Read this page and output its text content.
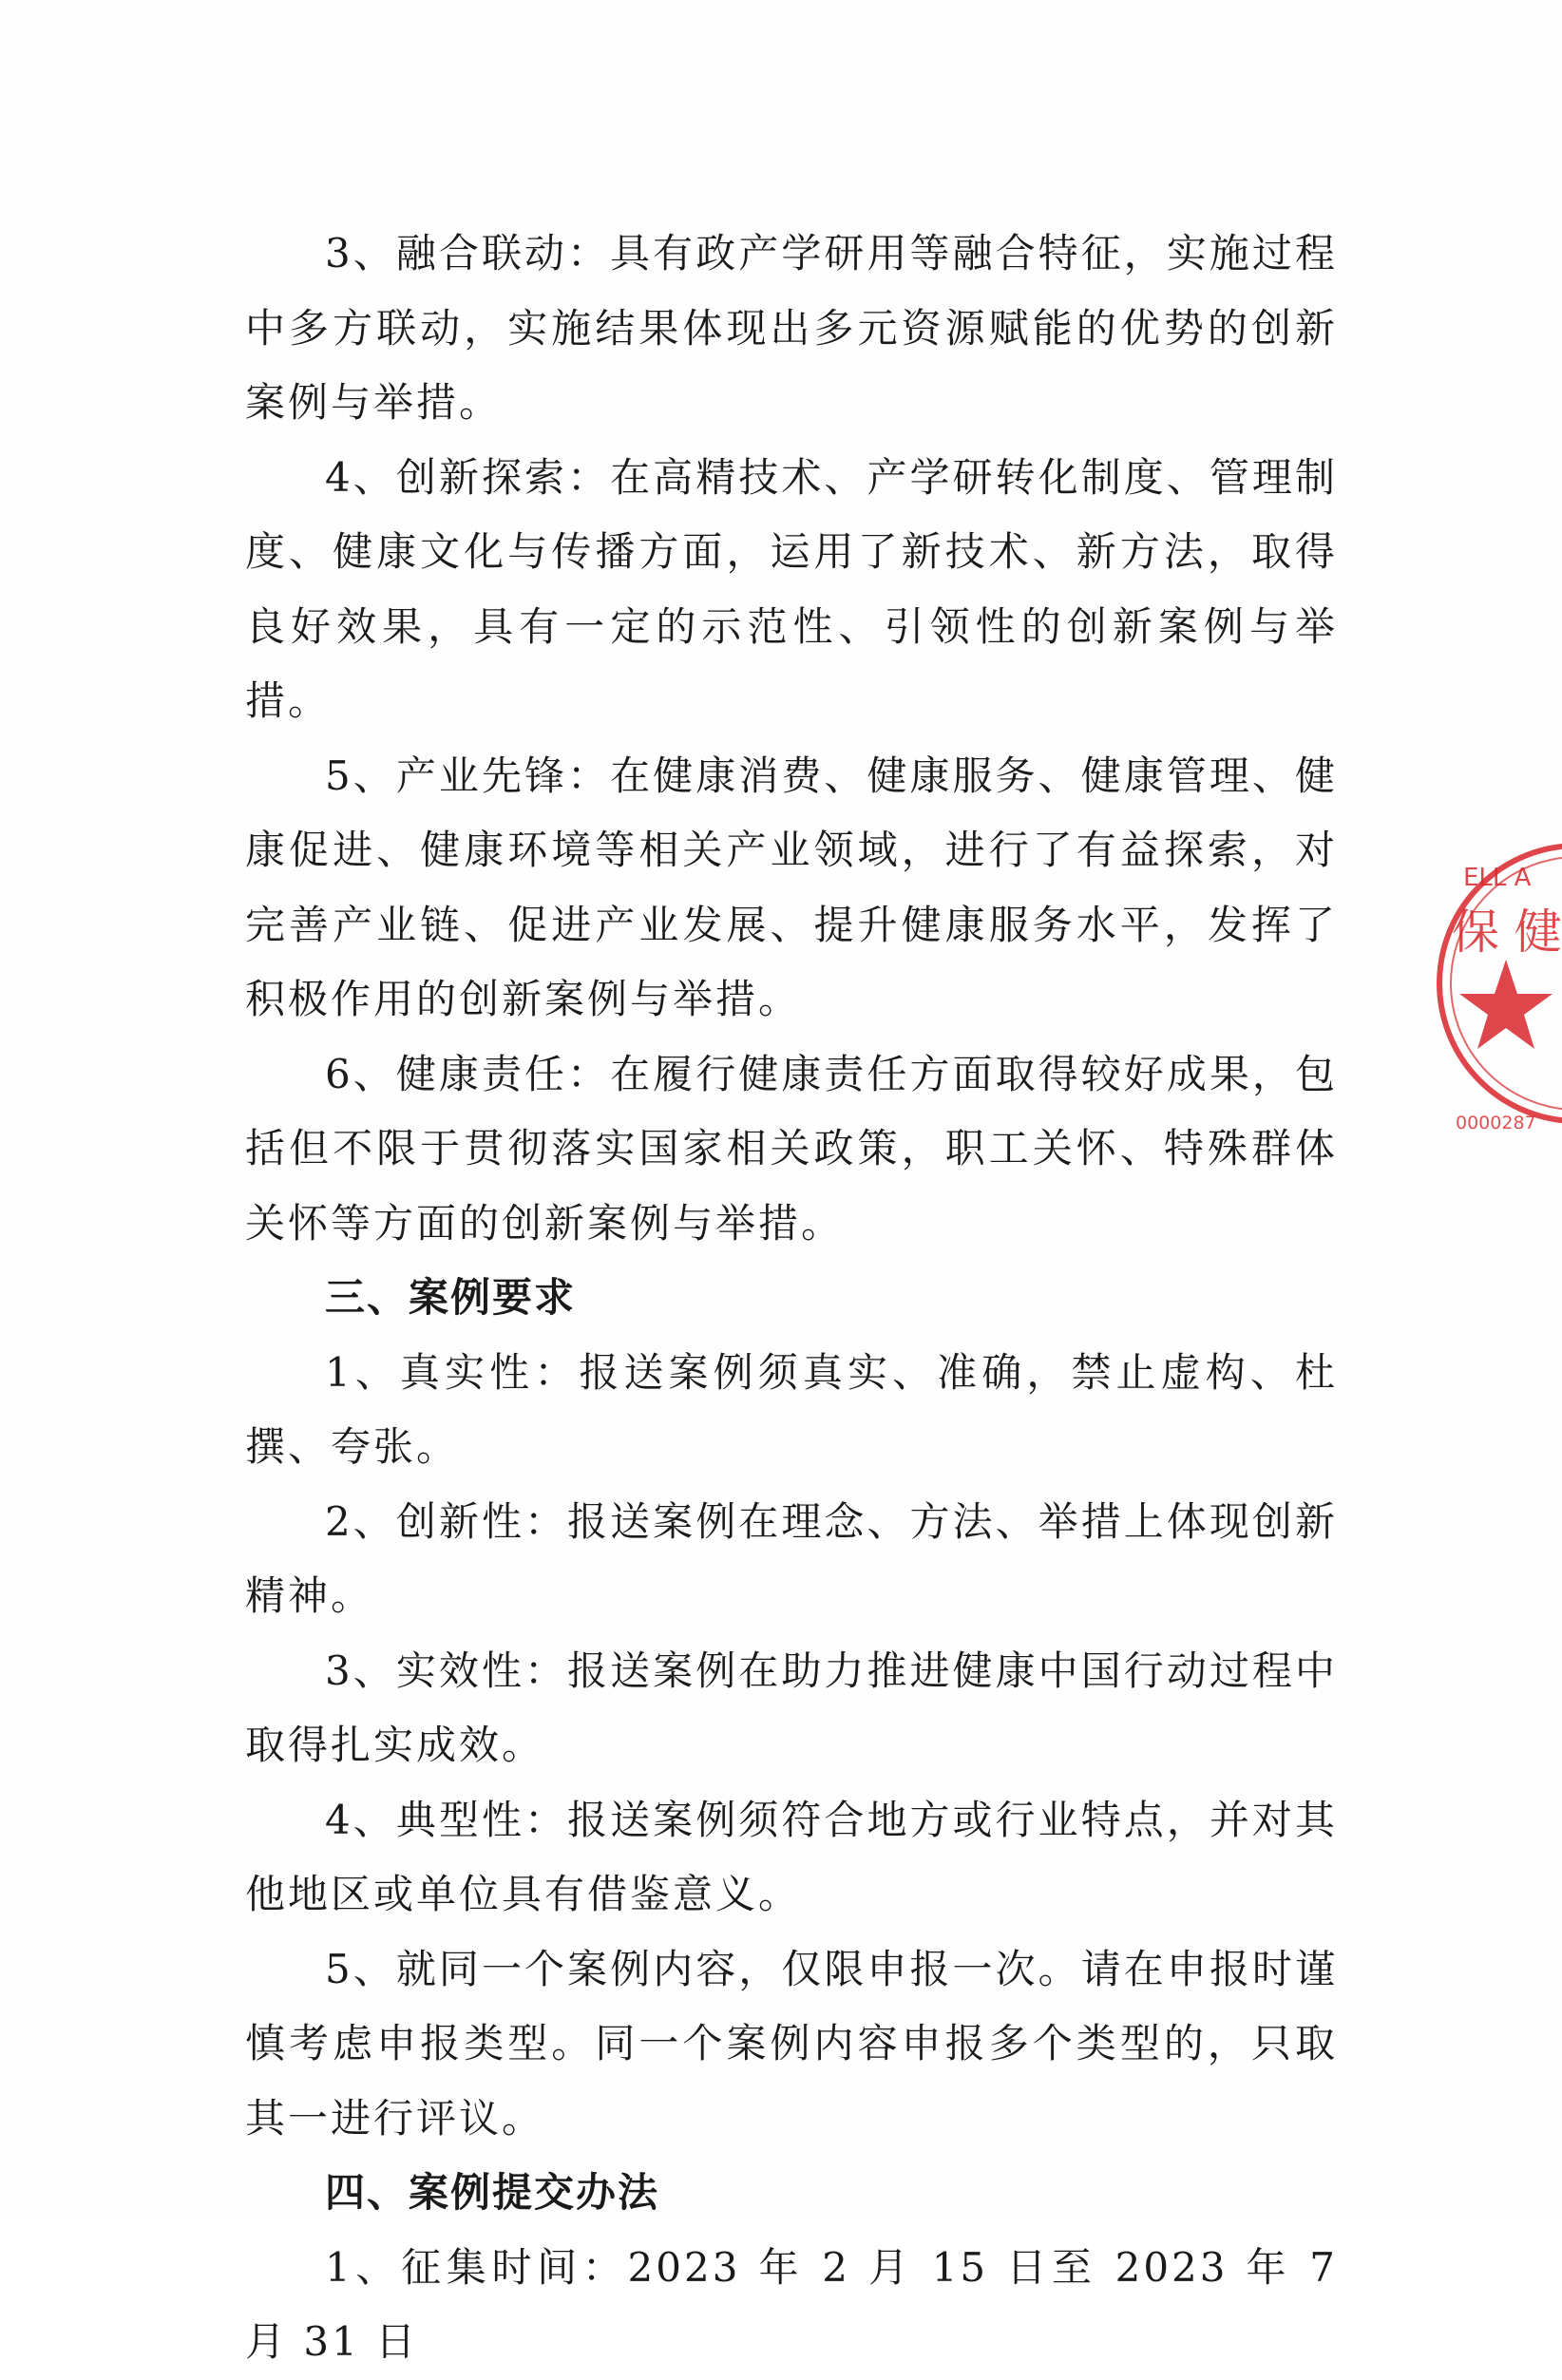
3、融合联动：具有政产学研用等融合特征，实施过程中多方联动，实施结果体现出多元资源赋能的优势的创新案例与举措。

4、创新探索：在高精技术、产学研转化制度、管理制度、健康文化与传播方面，运用了新技术、新方法，取得良好效果，具有一定的示范性、引领性的创新案例与举措。

5、产业先锋：在健康消费、健康服务、健康管理、健康促进、健康环境等相关产业领域，进行了有益探索，对完善产业链、促进产业发展、提升健康服务水平，发挥了积极作用的创新案例与举措。

6、健康责任：在履行健康责任方面取得较好成果，包括但不限于贯彻落实国家相关政策，职工关怀、特殊群体关怀等方面的创新案例与举措。

三、案例要求

1、真实性：报送案例须真实、准确，禁止虚构、杜撰、夸张。

2、创新性：报送案例在理念、方法、举措上体现创新精神。

3、实效性：报送案例在助力推进健康中国行动过程中取得扎实成效。

4、典型性：报送案例须符合地方或行业特点，并对其他地区或单位具有借鉴意义。

5、就同一个案例内容，仅限申报一次。请在申报时谨慎考虑申报类型。同一个案例内容申报多个类型的，只取其一进行评议。

四、案例提交办法

1、征集时间：2023 年 2 月 15 日至 2023 年 7 月 31 日

ELL A
保 健
0000287
